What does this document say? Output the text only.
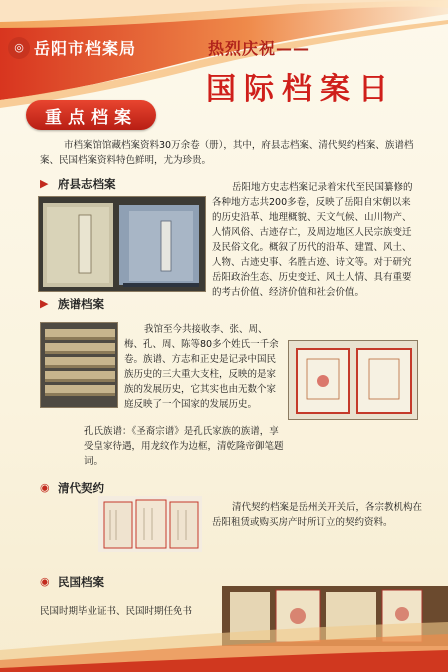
◎ 岳阳市档案局	热烈庆祝——
国际档案日
重点档案
市档案馆馆藏档案资料30万余卷（册），其中，府县志档案、清代契约档案、族谱档案、民国档案资料特色鲜明，尤为珍贵。
▶ 府县志档案	岳阳地方史志档案记录着宋代至民国纂修的各种地方志共200多卷，反映了岳阳自宋朝以来的历史沿革、地理概貌、天文气候、山川物产、人情风俗、古迹存亡，及周边地区人民宗族变迁及民俗文化。概叙了历代的沿革、建置、风土、人物、古迹史事、名胜古迹、诗文等。对于研究岳阳政治生态、历史变迁、风土人情、具有重要的考古价值、经济价值和社会价值。
▶ 族谱档案
我馆至今共接收李、张、周、梅、孔、周、陈等80多个姓氏一千余卷。族谱、方志和正史是记录中国民族历史的三大重大支柱，反映的是家族的发展历史，它其实也由无数个家庭反映了一个国家的发展历史。
孔氏族谱：《圣裔宗谱》是孔氏家族的族谱，享受皇家待遇，用龙纹作为边框，清乾隆帝御笔题词。
◉ 清代契约
清代契约档案是岳州关开关后，各宗教机构在岳阳租赁或购买房产时所订立的契约资料。
◉ 民国档案
民国时期毕业证书、民国时期任免书
